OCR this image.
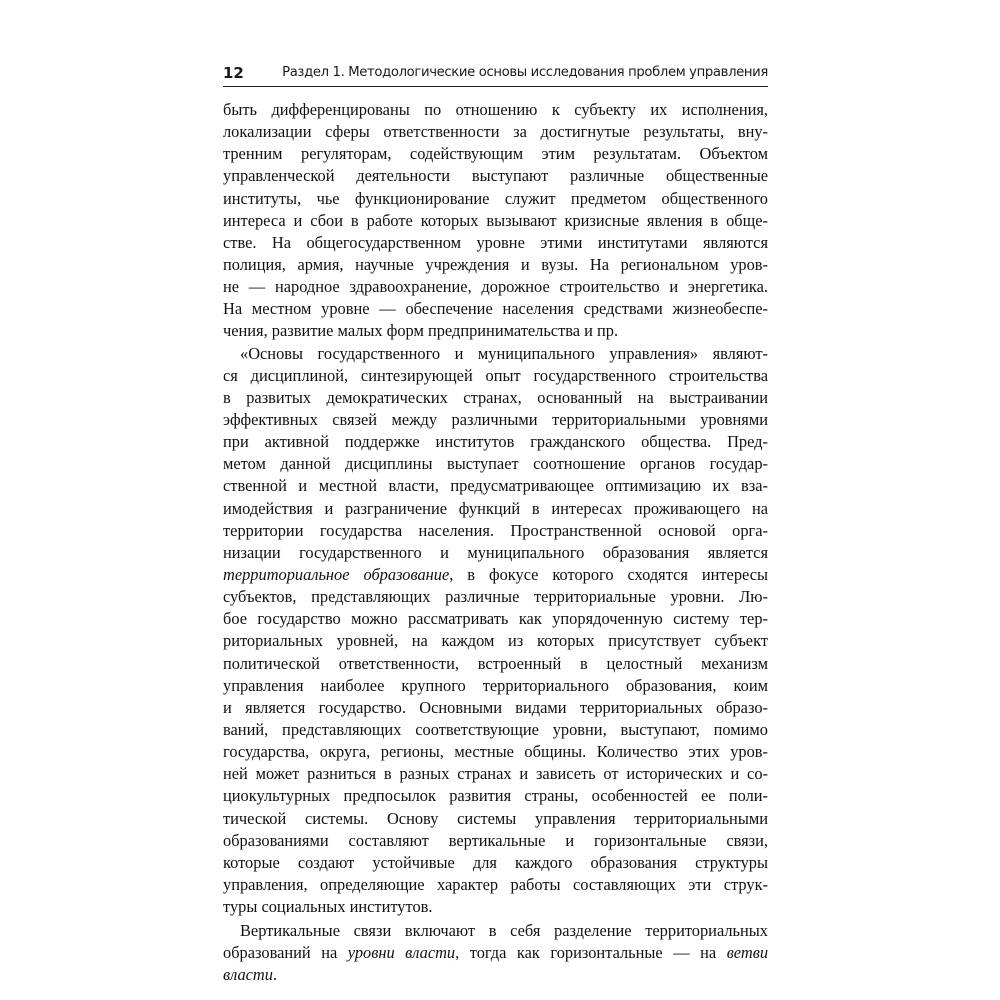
12	Раздел 1. Методологические основы исследования проблем управления
быть дифференцированы по отношению к субъекту их исполнения,
локализации сферы ответственности за достигнутые результаты, вну-
тренним регуляторам, содействующим этим результатам. Объектом
управленческой деятельности выступают различные общественные
институты, чье функционирование служит предметом общественного
интереса и сбои в работе которых вызывают кризисные явления в обще-
стве. На общегосударственном уровне этими институтами являются
полиция, армия, научные учреждения и вузы. На региональном уров-
не — народное здравоохранение, дорожное строительство и энергетика.
На местном уровне — обеспечение населения средствами жизнеобеспе-
чения, развитие малых форм предпринимательства и пр.
«Основы государственного и муниципального управления» являют-
ся дисциплиной, синтезирующей опыт государственного строительства
в развитых демократических странах, основанный на выстраивании
эффективных связей между различными территориальными уровнями
при активной поддержке институтов гражданского общества. Пред-
метом данной дисциплины выступает соотношение органов государ-
ственной и местной власти, предусматривающее оптимизацию их вза-
имодействия и разграничение функций в интересах проживающего на
территории государства населения. Пространственной основой орга-
низации государственного и муниципального образования является
территориальное образование, в фокусе которого сходятся интересы
субъектов, представляющих различные территориальные уровни. Лю-
бое государство можно рассматривать как упорядоченную систему тер-
риториальных уровней, на каждом из которых присутствует субъект
политической ответственности, встроенный в целостный механизм
управления наиболее крупного территориального образования, коим
и является государство. Основными видами территориальных образо-
ваний, представляющих соответствующие уровни, выступают, помимо
государства, округа, регионы, местные общины. Количество этих уров-
ней может разниться в разных странах и зависеть от исторических и со-
циокультурных предпосылок развития страны, особенностей ее поли-
тической системы. Основу системы управления территориальными
образованиями составляют вертикальные и горизонтальные связи,
которые создают устойчивые для каждого образования структуры
управления, определяющие характер работы составляющих эти струк-
туры социальных институтов.
Вертикальные связи включают в себя разделение территориальных
образований на уровни власти, тогда как горизонтальные — на ветви
власти.
